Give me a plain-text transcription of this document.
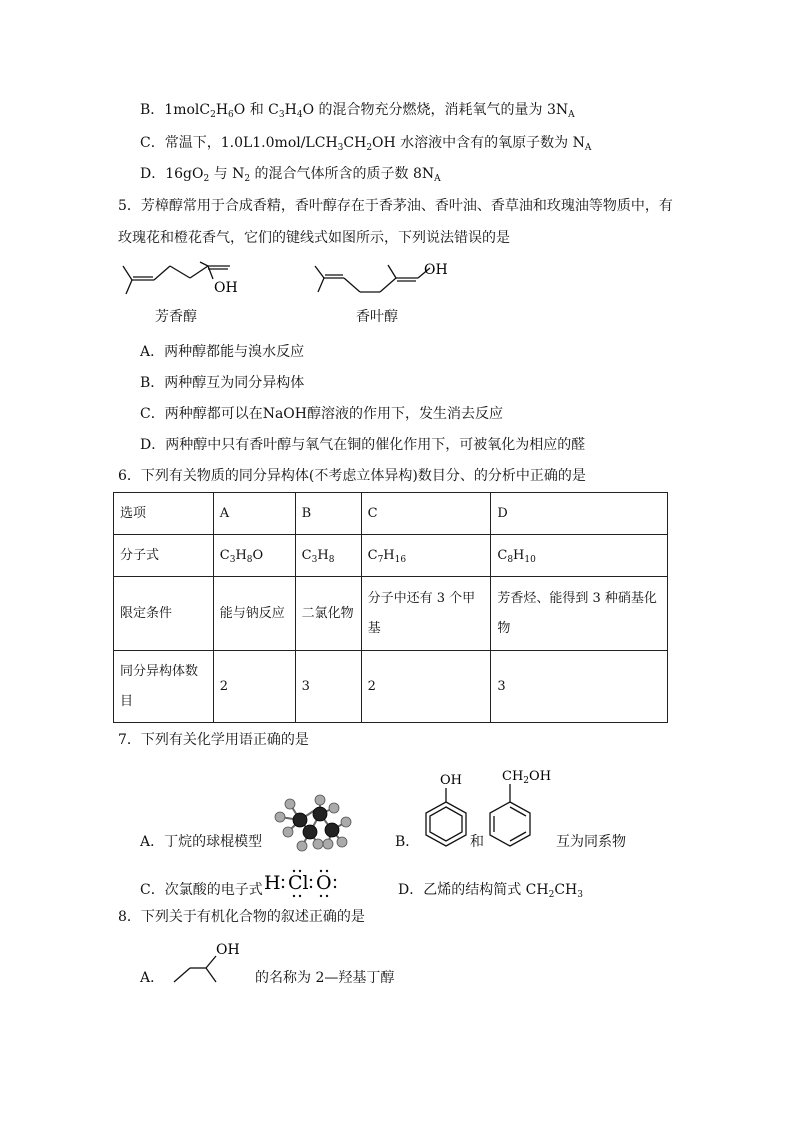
B．$1molC_2H_6O$ 和 $C_3H_4O$ 的混合物充分燃烧，消耗氧气的量为 $3N_A$
C．常温下，$1.0L1.0mol/LCH_3CH_2OH$ 水溶液中含有的氧原子数为 $N_A$
D．$16gO_2$ 与 $N_2$ 的混合气体所含的质子数 $8N_A$
5．芳樟醇常用于合成香精，香叶醇存在于香茅油、香叶油、香草油和玫瑰油等物质中，有
玫瑰花和橙花香气，它们的键线式如图所示，下列说法错误的是
OH
芳香醇
OH
香叶醇
A．两种醇都能与溴水反应
B．两种醇互为同分异构体
C．两种醇都可以在NaOH醇溶液的作用下，发生消去反应
D．两种醇中只有香叶醇与氧气在铜的催化作用下，可被氧化为相应的醛
6．下列有关物质的同分异构体(不考虑立体异构)数目分、的分析中正确的是
选项	A	B	C	D
分子式	$C_3H_8O$	$C_3H_8$	$C_7H_{16}$	$C_8H_{10}$
限定条件	能与钠反应	二氯化物	分子中还有 3 个甲基	芳香烃、能得到 3 种硝基化物
同分异构体数目	2	3	2	3
7．下列有关化学用语正确的是
A．丁烷的球棍模型	B．
OH
和
$CH_2OH$
互为同系物
C．次氯酸的电子式 H Cl O	D．乙烯的结构简式 $CH_2CH_3$
8．下列关于有机化合物的叙述正确的是
A．
OH
的名称为 2—羟基丁醇
